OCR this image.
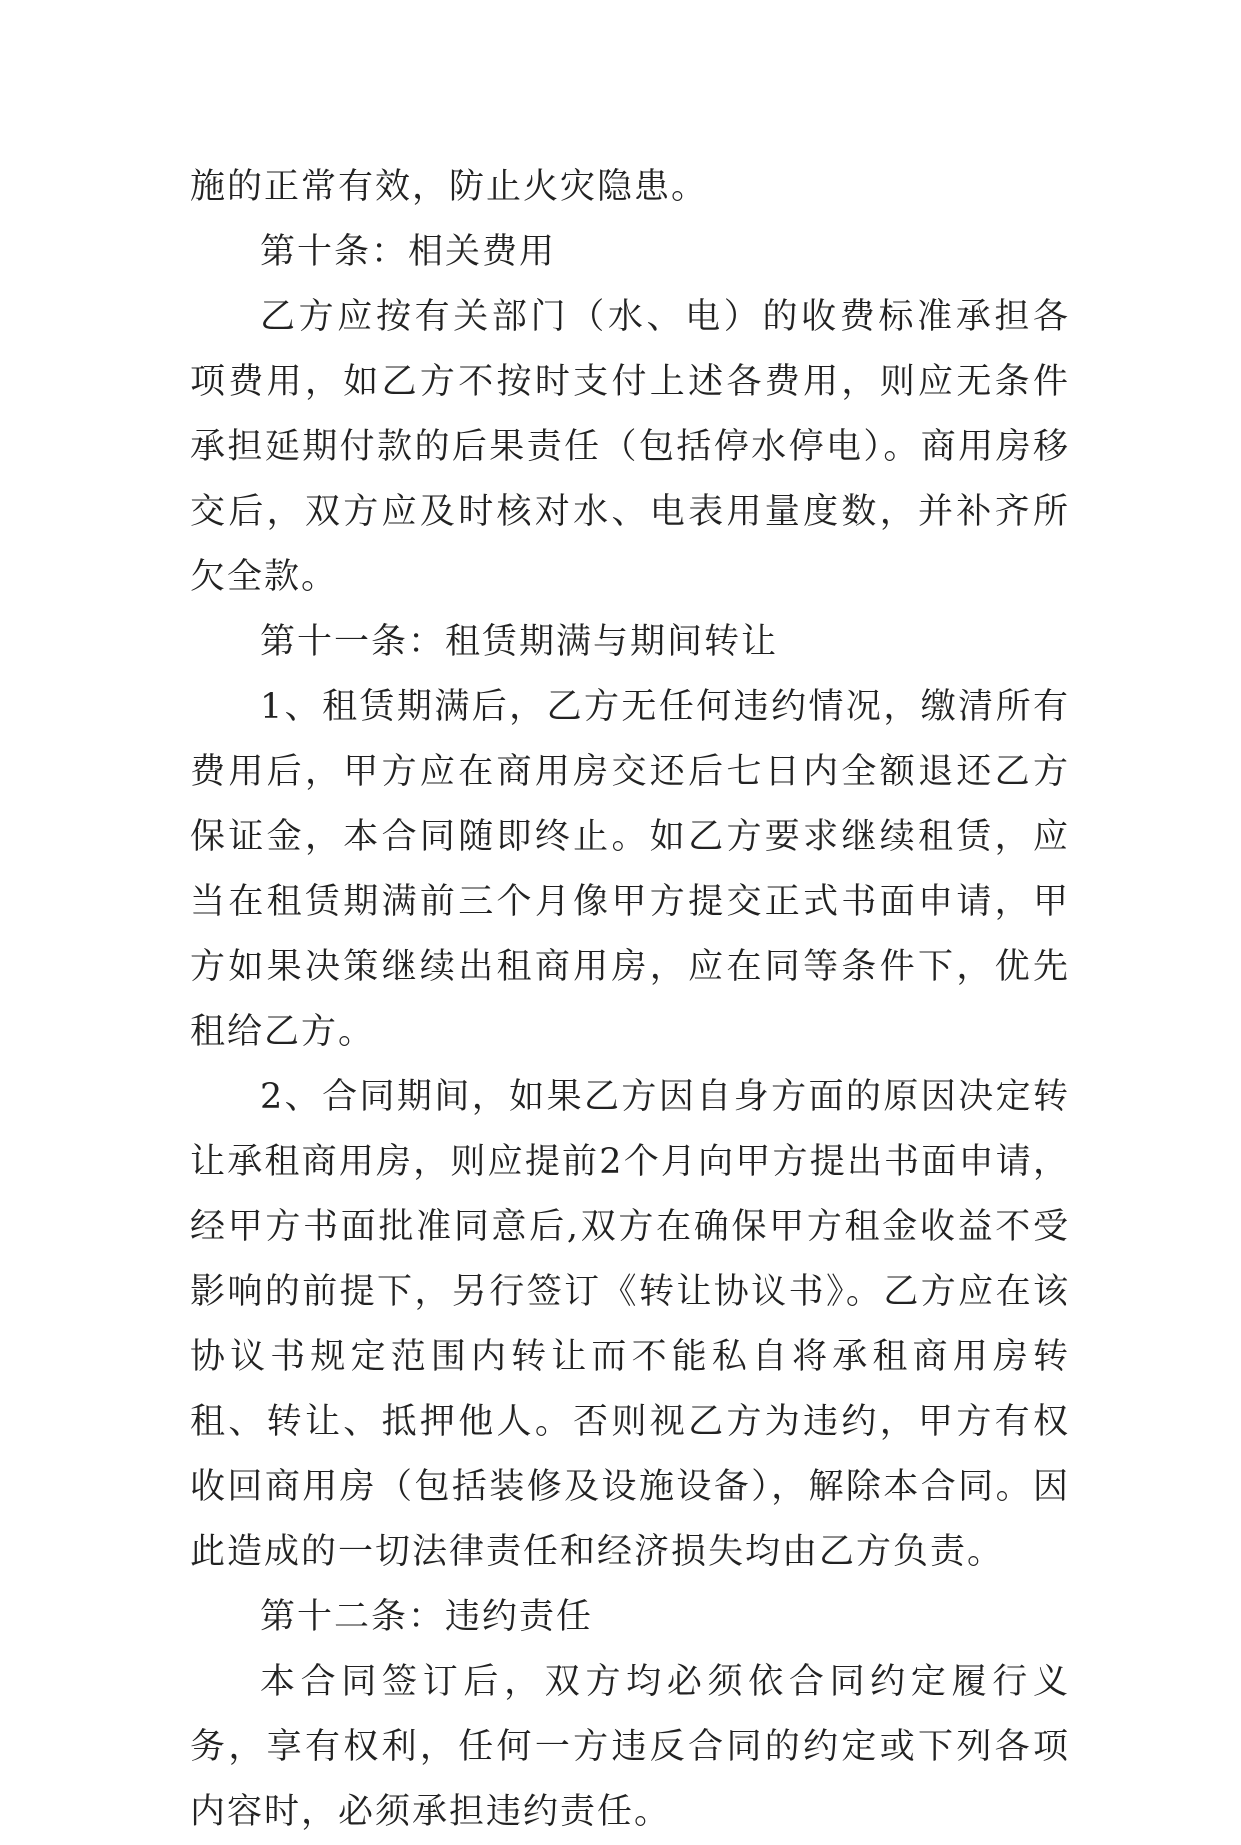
施的正常有效，防止火灾隐患。

第十条：相关费用

乙方应按有关部门（水、电）的收费标准承担各项费用，如乙方不按时支付上述各费用，则应无条件承担延期付款的后果责任（包括停水停电）。商用房移交后，双方应及时核对水、电表用量度数，并补齐所欠全款。

第十一条：租赁期满与期间转让

1、租赁期满后，乙方无任何违约情况，缴清所有费用后，甲方应在商用房交还后七日内全额退还乙方保证金，本合同随即终止。如乙方要求继续租赁，应当在租赁期满前三个月像甲方提交正式书面申请，甲方如果决策继续出租商用房，应在同等条件下，优先租给乙方。

2、合同期间，如果乙方因自身方面的原因决定转让承租商用房，则应提前2个月向甲方提出书面申请，经甲方书面批准同意后,双方在确保甲方租金收益不受影响的前提下，另行签订《转让协议书》。乙方应在该协议书规定范围内转让而不能私自将承租商用房转租、转让、抵押他人。否则视乙方为违约，甲方有权收回商用房（包括装修及设施设备），解除本合同。因此造成的一切法律责任和经济损失均由乙方负责。

第十二条：违约责任

本合同签订后，双方均必须依合同约定履行义务，享有权利，任何一方违反合同的约定或下列各项内容时，必须承担违约责任。
